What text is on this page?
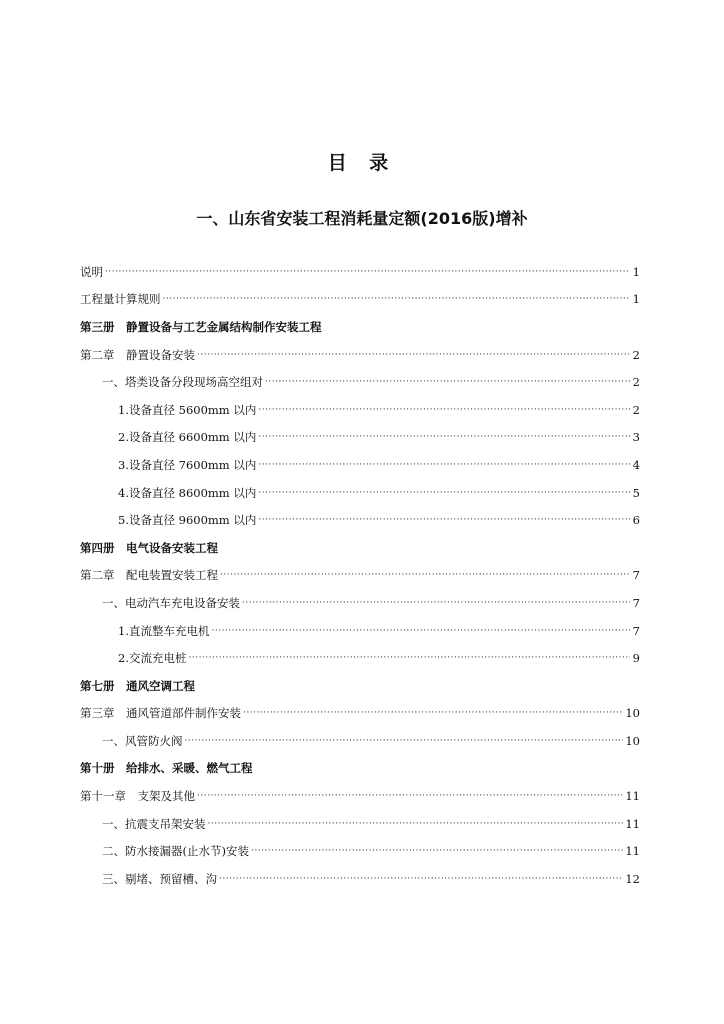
目 录
一、山东省安装工程消耗量定额(2016版)增补
说明 ·····	1
工程量计算规则 ·····	1
第三册　静置设备与工艺金属结构制作安装工程
第二章　静置设备安装 ·····	2
一、塔类设备分段现场高空组对 ·····	2
1.设备直径 5600mm 以内 ·····	2
2.设备直径 6600mm 以内 ·····	3
3.设备直径 7600mm 以内 ·····	4
4.设备直径 8600mm 以内 ·····	5
5.设备直径 9600mm 以内 ·····	6
第四册　电气设备安装工程
第二章　配电装置安装工程 ·····	7
一、电动汽车充电设备安装 ·····	7
1.直流整车充电机 ·····	7
2.交流充电桩 ·····	9
第七册　通风空调工程
第三章　通风管道部件制作安装 ·····	10
一、风管防火阀 ·····	10
第十册　给排水、采暖、燃气工程
第十一章　支架及其他 ·····	11
一、抗震支吊架安装 ·····	11
二、防水接漏器(止水节)安装 ·····	11
三、剔堵、预留槽、沟 ·····	12
